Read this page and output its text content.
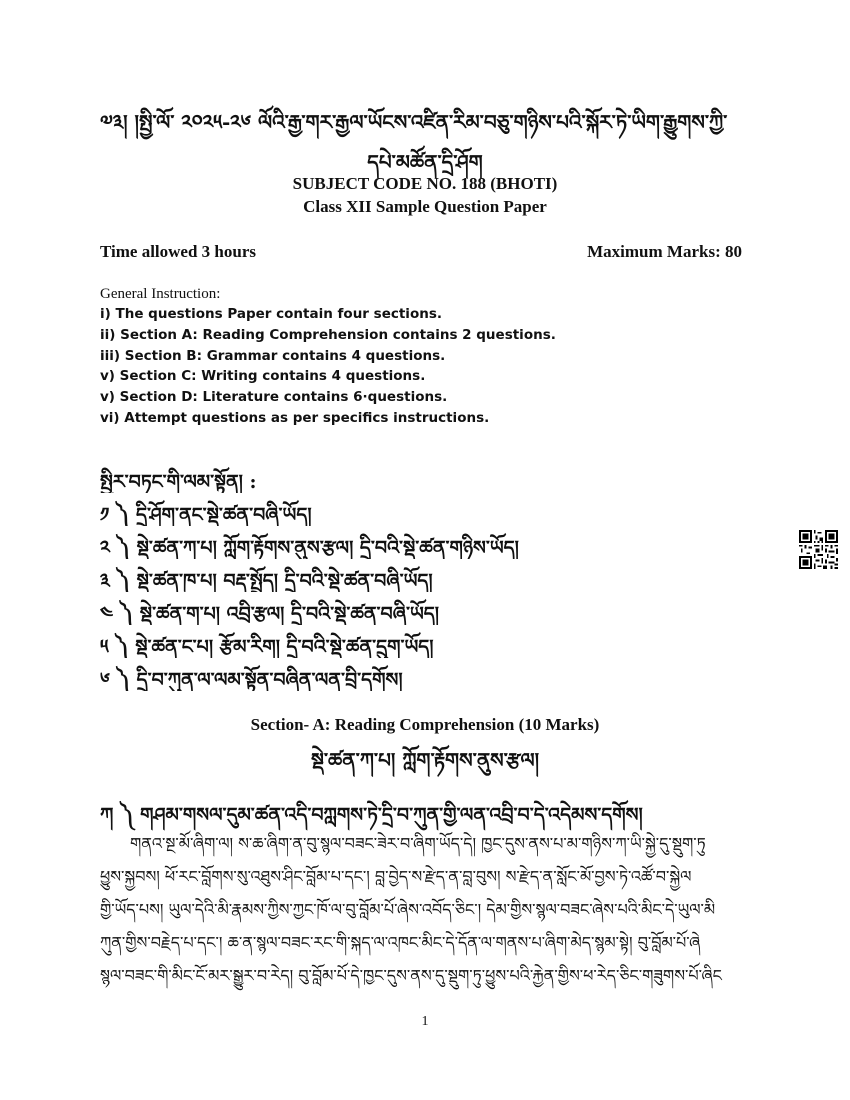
༧༣། །སྤྱི་ལོ་ ༢༠༢༥-༢༦ ལོའི་རྒྱ་གར་རྒྱལ་ཡོངས་འཛིན་རིམ་བཅུ་གཉིས་པའི་སྐོར་ཏེ་ཡིག་རྒྱུགས་ཀྱི་
དཔེ་མཚོན་དྲི་ཤོག
SUBJECT CODE NO. 188 (BHOTI)
Class XII Sample Question Paper
Time allowed 3 hours	Maximum Marks: 80
General Instruction:
i) The questions Paper contain four sections.
ii) Section A: Reading Comprehension contains 2 questions.
iii) Section B: Grammar contains 4 questions.
v) Section C: Writing contains 4 questions.
v) Section D: Literature contains 6·questions.
vi) Attempt questions as per specifics instructions.
སྤྱིར་བཏང་གི་ལམ་སྟོན། :
༡ ༽ དྲི་ཤོག་ནང་སྡེ་ཚན་བཞི་ཡོད།
༢ ༽ སྡེ་ཚན་ཀ་པ། ཀློག་རྟོགས་ནུས་རྩལ། དྲི་བའི་སྡེ་ཚན་གཉིས་ཡོད།
༣ ༽ སྡེ་ཚན་ཁ་པ། བརྡ་སྤྲོད། དྲི་བའི་སྡེ་ཚན་བཞི་ཡོད།
༤ ༽ སྡེ་ཚན་ག་པ། འབྲི་རྩལ། དྲི་བའི་སྡེ་ཚན་བཞི་ཡོད།
༥ ༽ སྡེ་ཚན་ང་པ། རྩོམ་རིག། དྲི་བའི་སྡེ་ཚན་དྲུག་ཡོད།
༦ ༽ དྲི་བ་ཀུན་ལ་ལམ་སྟོན་བཞིན་ལན་བྲི་དགོས།
Section- A: Reading Comprehension (10 Marks)
སྡེ་ཚན་ཀ་པ། ཀློག་རྟོགས་ནུས་རྩལ།
ཀ ༽ གཤམ་གསལ་དུམ་ཚན་འདི་བཀླགས་ཏེ་དྲི་བ་ཀུན་གྱི་ལན་འབྲི་བ་དེ་འདེམས་དགོས།
གནའ་སྔ་མོ་ཞིག་ལ། ས་ཆ་ཞིག་ན་བུ་སྙལ་བཟང་ཟེར་བ་ཞིག་ཡོད་དེ། ཁྱང་དུས་ནས་པ་མ་གཉིས་ཀ་ཡི་སྐྱེ་དུ་སྡུག་ཏུ
ཕྱུས་སྐྱབས། ཕོ་རང་བློགས་སུ་འཐུས་ཤིང་བློམ་པ་དང་། བླ་བྱེད་ས་རྫེད་ན་བླ་བུས། ས་རྫེད་ན་སློང་མོ་བྱས་ཏེ་འཚོ་བ་སྐྱེལ
གྱི་ཡོད་པས། ཡུལ་དེའི་མི་རྣམས་ཀྱིས་ཀྱང་ཁོ་ལ་བུ་བློམ་པོ་ཞེས་འབོད་ཅིང་། དེམ་གྱིས་སྙལ་བཟང་ཞེས་པའི་མིང་དེ་ཡུལ་མི
ཀུན་གྱིས་བརྗེད་པ་དང་། ཆ་ན་སྙལ་བཟང་རང་གི་སྐད་ལ་འཁང་མིང་དེ་དོན་ལ་གནས་པ་ཞིག་མེད་སྙམ་སྟེ། བུ་བློམ་པོ་ཞེ
སྙལ་བཟང་གི་མིང་ངོ་མར་སྒྱུར་བ་རེད། བུ་བློམ་པོ་དེ་ཁྱང་དུས་ནས་དུ་སྡུག་ཏུ་ཕྱུས་པའི་རྐྱེན་གྱིས་ཕ་རེད་ཅིང་གཟུགས་པོ་ཞིང
1
